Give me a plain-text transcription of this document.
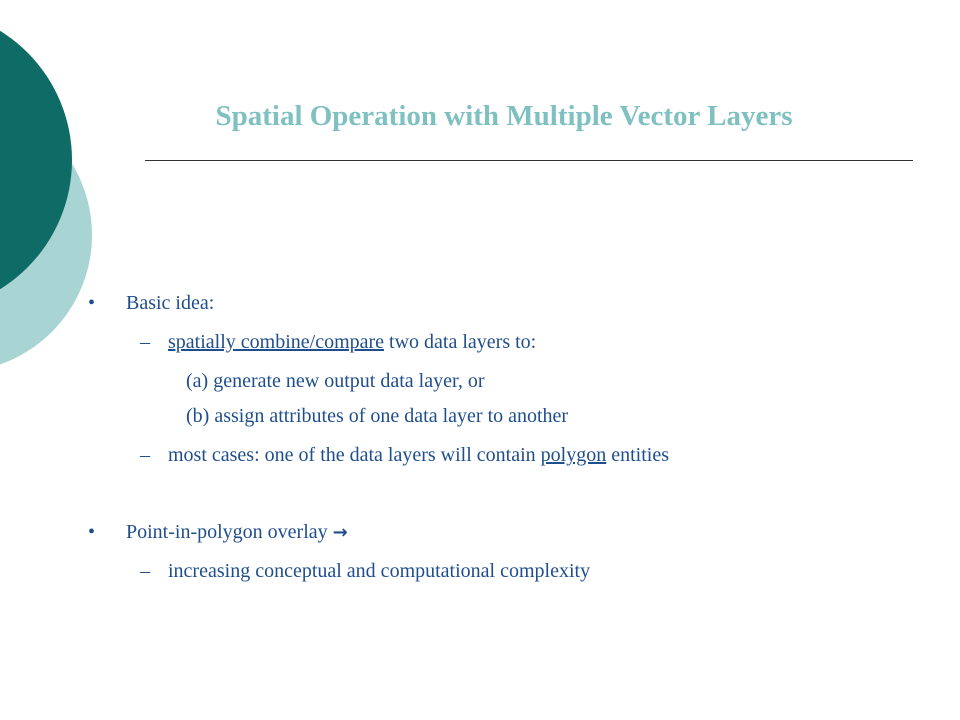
Spatial Operation with Multiple Vector Layers
• Basic idea:
– spatially combine/compare two data layers to:
(a) generate new output data layer, or
(b) assign attributes of one data layer to another
– most cases: one of the data layers will contain polygon entities
• Point-in-polygon overlay →
– increasing conceptual and computational complexity
